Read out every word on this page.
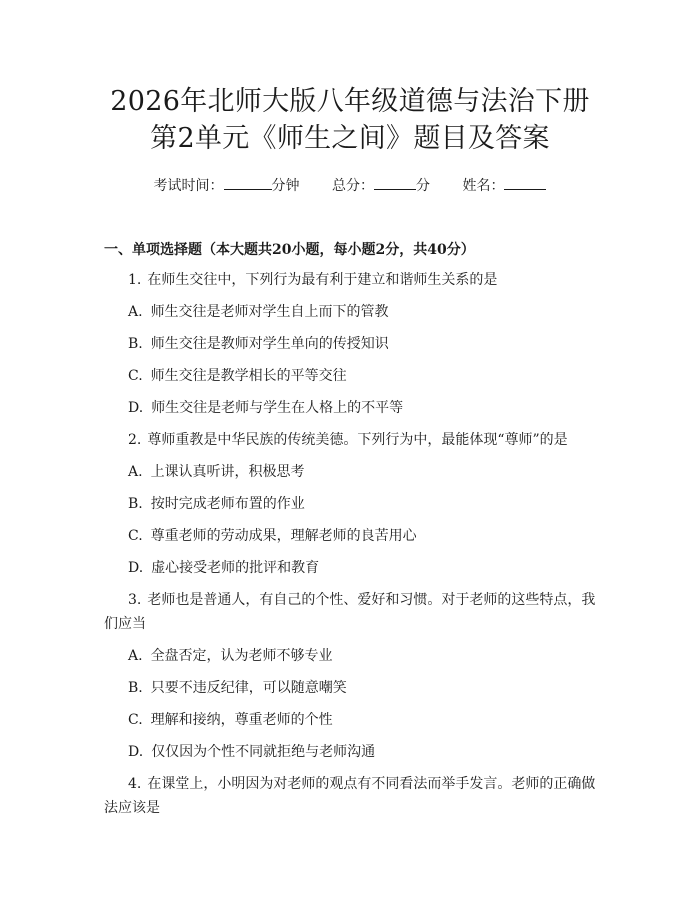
2026年北师大版八年级道德与法治下册第2单元《师生之间》题目及答案
考试时间：	分钟 总分：	分 姓名：
一、单项选择题（本大题共20小题，每小题2分，共40分）
1. 在师生交往中，下列行为最有利于建立和谐师生关系的是
A. 师生交往是老师对学生自上而下的管教
B. 师生交往是教师对学生单向的传授知识
C. 师生交往是教学相长的平等交往
D. 师生交往是老师与学生在人格上的不平等
2. 尊师重教是中华民族的传统美德。下列行为中，最能体现“尊师”的是
A. 上课认真听讲，积极思考
B. 按时完成老师布置的作业
C. 尊重老师的劳动成果，理解老师的良苦用心
D. 虚心接受老师的批评和教育
3. 老师也是普通人，有自己的个性、爱好和习惯。对于老师的这些特点，我们应当
A. 全盘否定，认为老师不够专业
B. 只要不违反纪律，可以随意嘲笑
C. 理解和接纳，尊重老师的个性
D. 仅仅因为个性不同就拒绝与老师沟通
4. 在课堂上，小明因为对老师的观点有不同看法而举手发言。老师的正确做法应该是
